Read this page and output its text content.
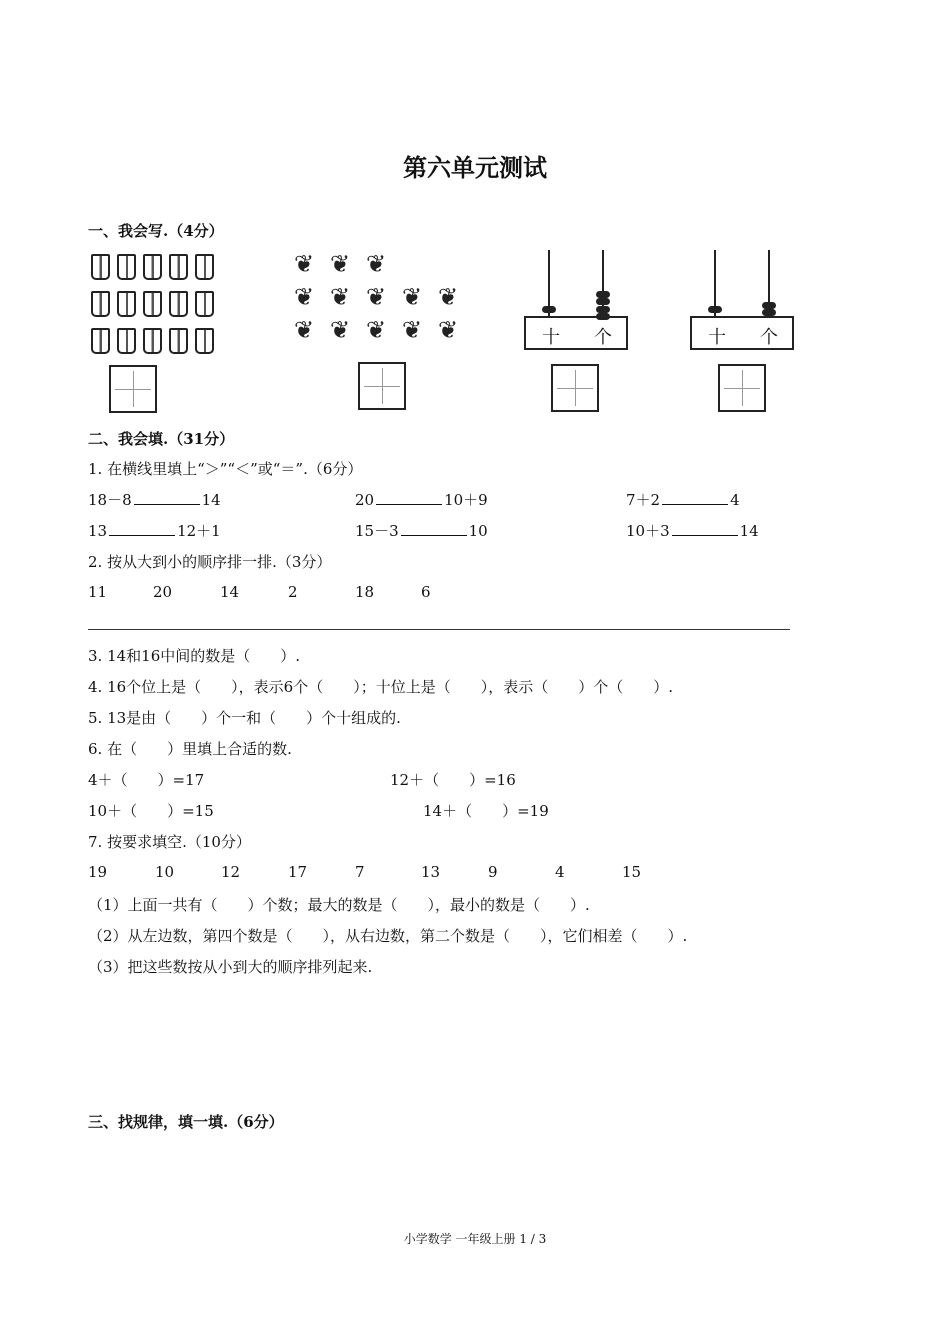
第六单元测试
一、我会写.（4分）
❦ ❦ ❦
❦ ❦ ❦ ❦ ❦
❦ ❦ ❦ ❦ ❦	十 个	十 个
二、我会填.（31分）
1. 在横线里填上“＞”“＜”或“＝”.（6分）
18－8	14	20	10＋9	7＋2	4
13	12＋1	15－3	10	10＋3	14
2. 按从大到小的顺序排一排.（3分）
11	20	14	2	18	6
3. 14和16中间的数是（　　）.
4. 16个位上是（　　），表示6个（　　）；十位上是（　　），表示（　　）个（　　）.
5. 13是由（　　）个一和（　　）个十组成的.
6. 在（　　）里填上合适的数.
4＋（　　）=17	12＋（　　）=16
10＋（　　）=15	14＋（　　）=19
7. 按要求填空.（10分）
19	10	12	17	7	13	9	4	15
（1）上面一共有（　　）个数；最大的数是（　　），最小的数是（　　）.
（2）从左边数，第四个数是（　　），从右边数，第二个数是（　　），它们相差（　　）.
（3）把这些数按从小到大的顺序排列起来.
三、找规律，填一填.（6分）
小学数学 一年级上册 1 / 3
